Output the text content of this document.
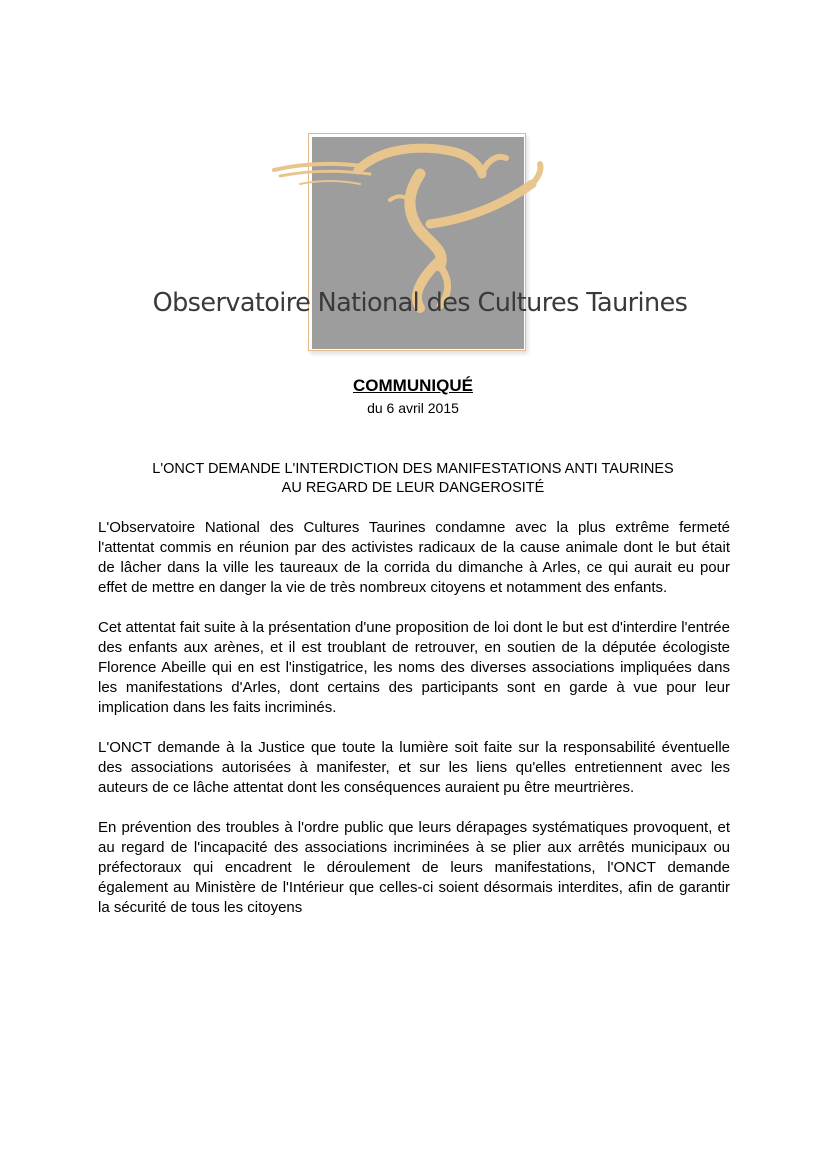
Observatoire National des Cultures Taurines
COMMUNIQUÉ
du 6 avril 2015
L'ONCT DEMANDE L'INTERDICTION DES MANIFESTATIONS ANTI TAURINES
AU REGARD DE LEUR DANGEROSITÉ

L'Observatoire National des Cultures Taurines condamne avec la plus extrême fermeté l'attentat commis en réunion par des activistes radicaux de la cause animale dont le but était de lâcher dans la ville les taureaux de la corrida du dimanche à Arles, ce qui aurait eu pour effet de mettre en danger la vie de très nombreux citoyens et notamment des enfants.

Cet attentat fait suite à la présentation d'une proposition de loi dont le but est d'interdire l'entrée des enfants aux arènes, et il est troublant de retrouver, en soutien de la députée écologiste Florence Abeille qui en est l'instigatrice, les noms des diverses associations impliquées dans les manifestations d'Arles, dont certains des participants sont en garde à vue pour leur implication dans les faits incriminés.

L'ONCT demande à la Justice que toute la lumière soit faite sur la responsabilité éventuelle des associations autorisées à manifester, et sur les liens qu'elles entretiennent avec les auteurs de ce lâche attentat dont les conséquences auraient pu être meurtrières.

En prévention des troubles à l'ordre public que leurs dérapages systématiques provoquent, et au regard de l'incapacité des associations incriminées à se plier aux arrêtés municipaux ou préfectoraux qui encadrent le déroulement de leurs manifestations, l'ONCT demande également au Ministère de l'Intérieur que celles-ci soient désormais interdites, afin de garantir la sécurité de tous les citoyens
